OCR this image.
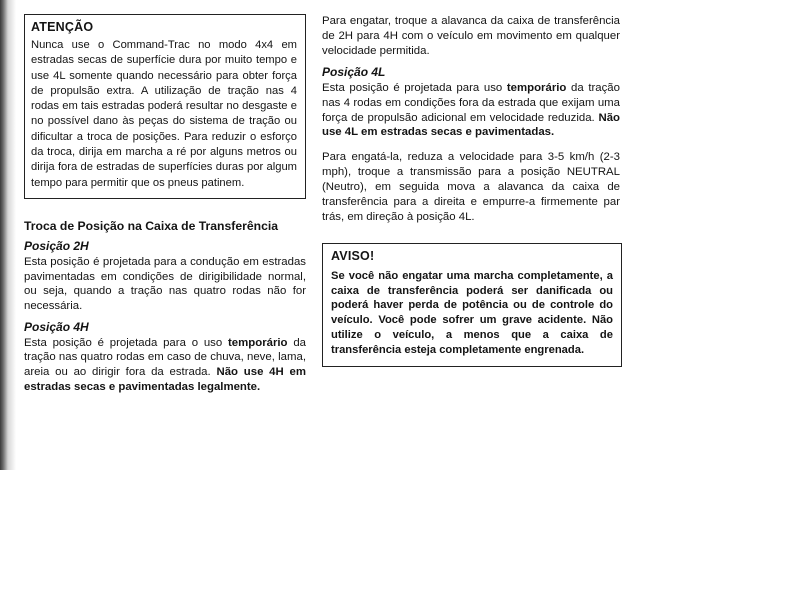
ATENÇÃO

Nunca use o Command-Trac no modo 4x4 em estradas secas de superfície dura por muito tempo e use 4L somente quando necessário para obter força de propulsão extra. A utilização de tração nas 4 rodas em tais estradas poderá resultar no desgaste e no possível dano às peças do sistema de tração ou dificultar a troca de posições. Para reduzir o esforço da troca, dirija em marcha a ré por alguns metros ou dirija fora de estradas de superfícies duras por algum tempo para permitir que os pneus patinem.

Troca de Posição na Caixa de Transferência
Posição 2H

Esta posição é projetada para a condução em estradas pavimentadas em condições de dirigibilidade normal, ou seja, quando a tração nas quatro rodas não for necessária.

Posição 4H

Esta posição é projetada para o uso temporário da tração nas quatro rodas em caso de chuva, neve, lama, areia ou ao dirigir fora da estrada. Não use 4H em estradas secas e pavimentadas legalmente.

Para engatar, troque a alavanca da caixa de transferência de 2H para 4H com o veículo em movimento em qualquer velocidade permitida.

Posição 4L

Esta posição é projetada para uso temporário da tração nas 4 rodas em condições fora da estrada que exijam uma força de propulsão adicional em velocidade reduzida. Não use 4L em estradas secas e pavimentadas.

Para engatá-la, reduza a velocidade para 3-5 km/h (2-3 mph), troque a transmissão para a posição NEUTRAL (Neutro), em seguida mova a alavanca da caixa de transferência para a direita e empurre-a firmemente par trás, em direção à posição 4L.

AVISO!

Se você não engatar uma marcha completamente, a caixa de transferência poderá ser danificada ou poderá haver perda de potência ou de controle do veículo. Você pode sofrer um grave acidente. Não utilize o veículo, a menos que a caixa de transferência esteja completamente engrenada.
